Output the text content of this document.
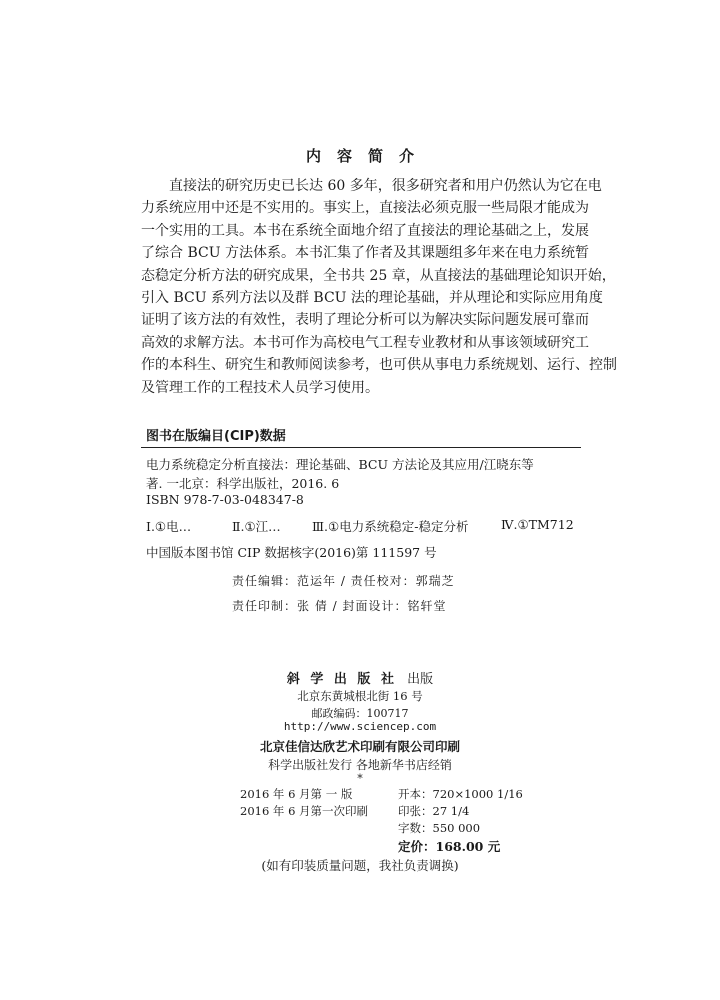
内容简介
直接法的研究历史已长达 60 多年，很多研究者和用户仍然认为它在电
力系统应用中还是不实用的。事实上，直接法必须克服一些局限才能成为
一个实用的工具。本书在系统全面地介绍了直接法的理论基础之上，发展
了综合 BCU 方法体系。本书汇集了作者及其课题组多年来在电力系统暂
态稳定分析方法的研究成果，全书共 25 章，从直接法的基础理论知识开始，
引入 BCU 系列方法以及群 BCU 法的理论基础，并从理论和实际应用角度
证明了该方法的有效性，表明了理论分析可以为解决实际问题发展可靠而
高效的求解方法。本书可作为高校电气工程专业教材和从事该领域研究工
作的本科生、研究生和教师阅读参考，也可供从事电力系统规划、运行、控制
及管理工作的工程技术人员学习使用。
图书在版编目(CIP)数据
电力系统稳定分析直接法：理论基础、BCU 方法论及其应用/江晓东等
著. 一北京：科学出版社，2016. 6
ISBN 978-7-03-048347-8
Ⅰ.①电…	Ⅱ.①江…	Ⅲ.①电力系统稳定-稳定分析	Ⅳ.①TM712
中国版本图书馆 CIP 数据核字(2016)第 111597 号
责任编辑：范运年 / 责任校对：郭瑞芝
责任印制：张 倩 / 封面设计：铭轩堂
斜 学 出 版 社 出版
北京东黄城根北街 16 号
邮政编码：100717
http://www.sciencep.com
北京佳信达欣艺术印刷有限公司印刷
科学出版社发行 各地新华书店经销
*
2016 年 6 月第 一 版	开本：720×1000 1/16
2016 年 6 月第一次印刷	印张：27 1/4
字数：550 000
定价：168.00 元
(如有印装质量问题，我社负责调换)
